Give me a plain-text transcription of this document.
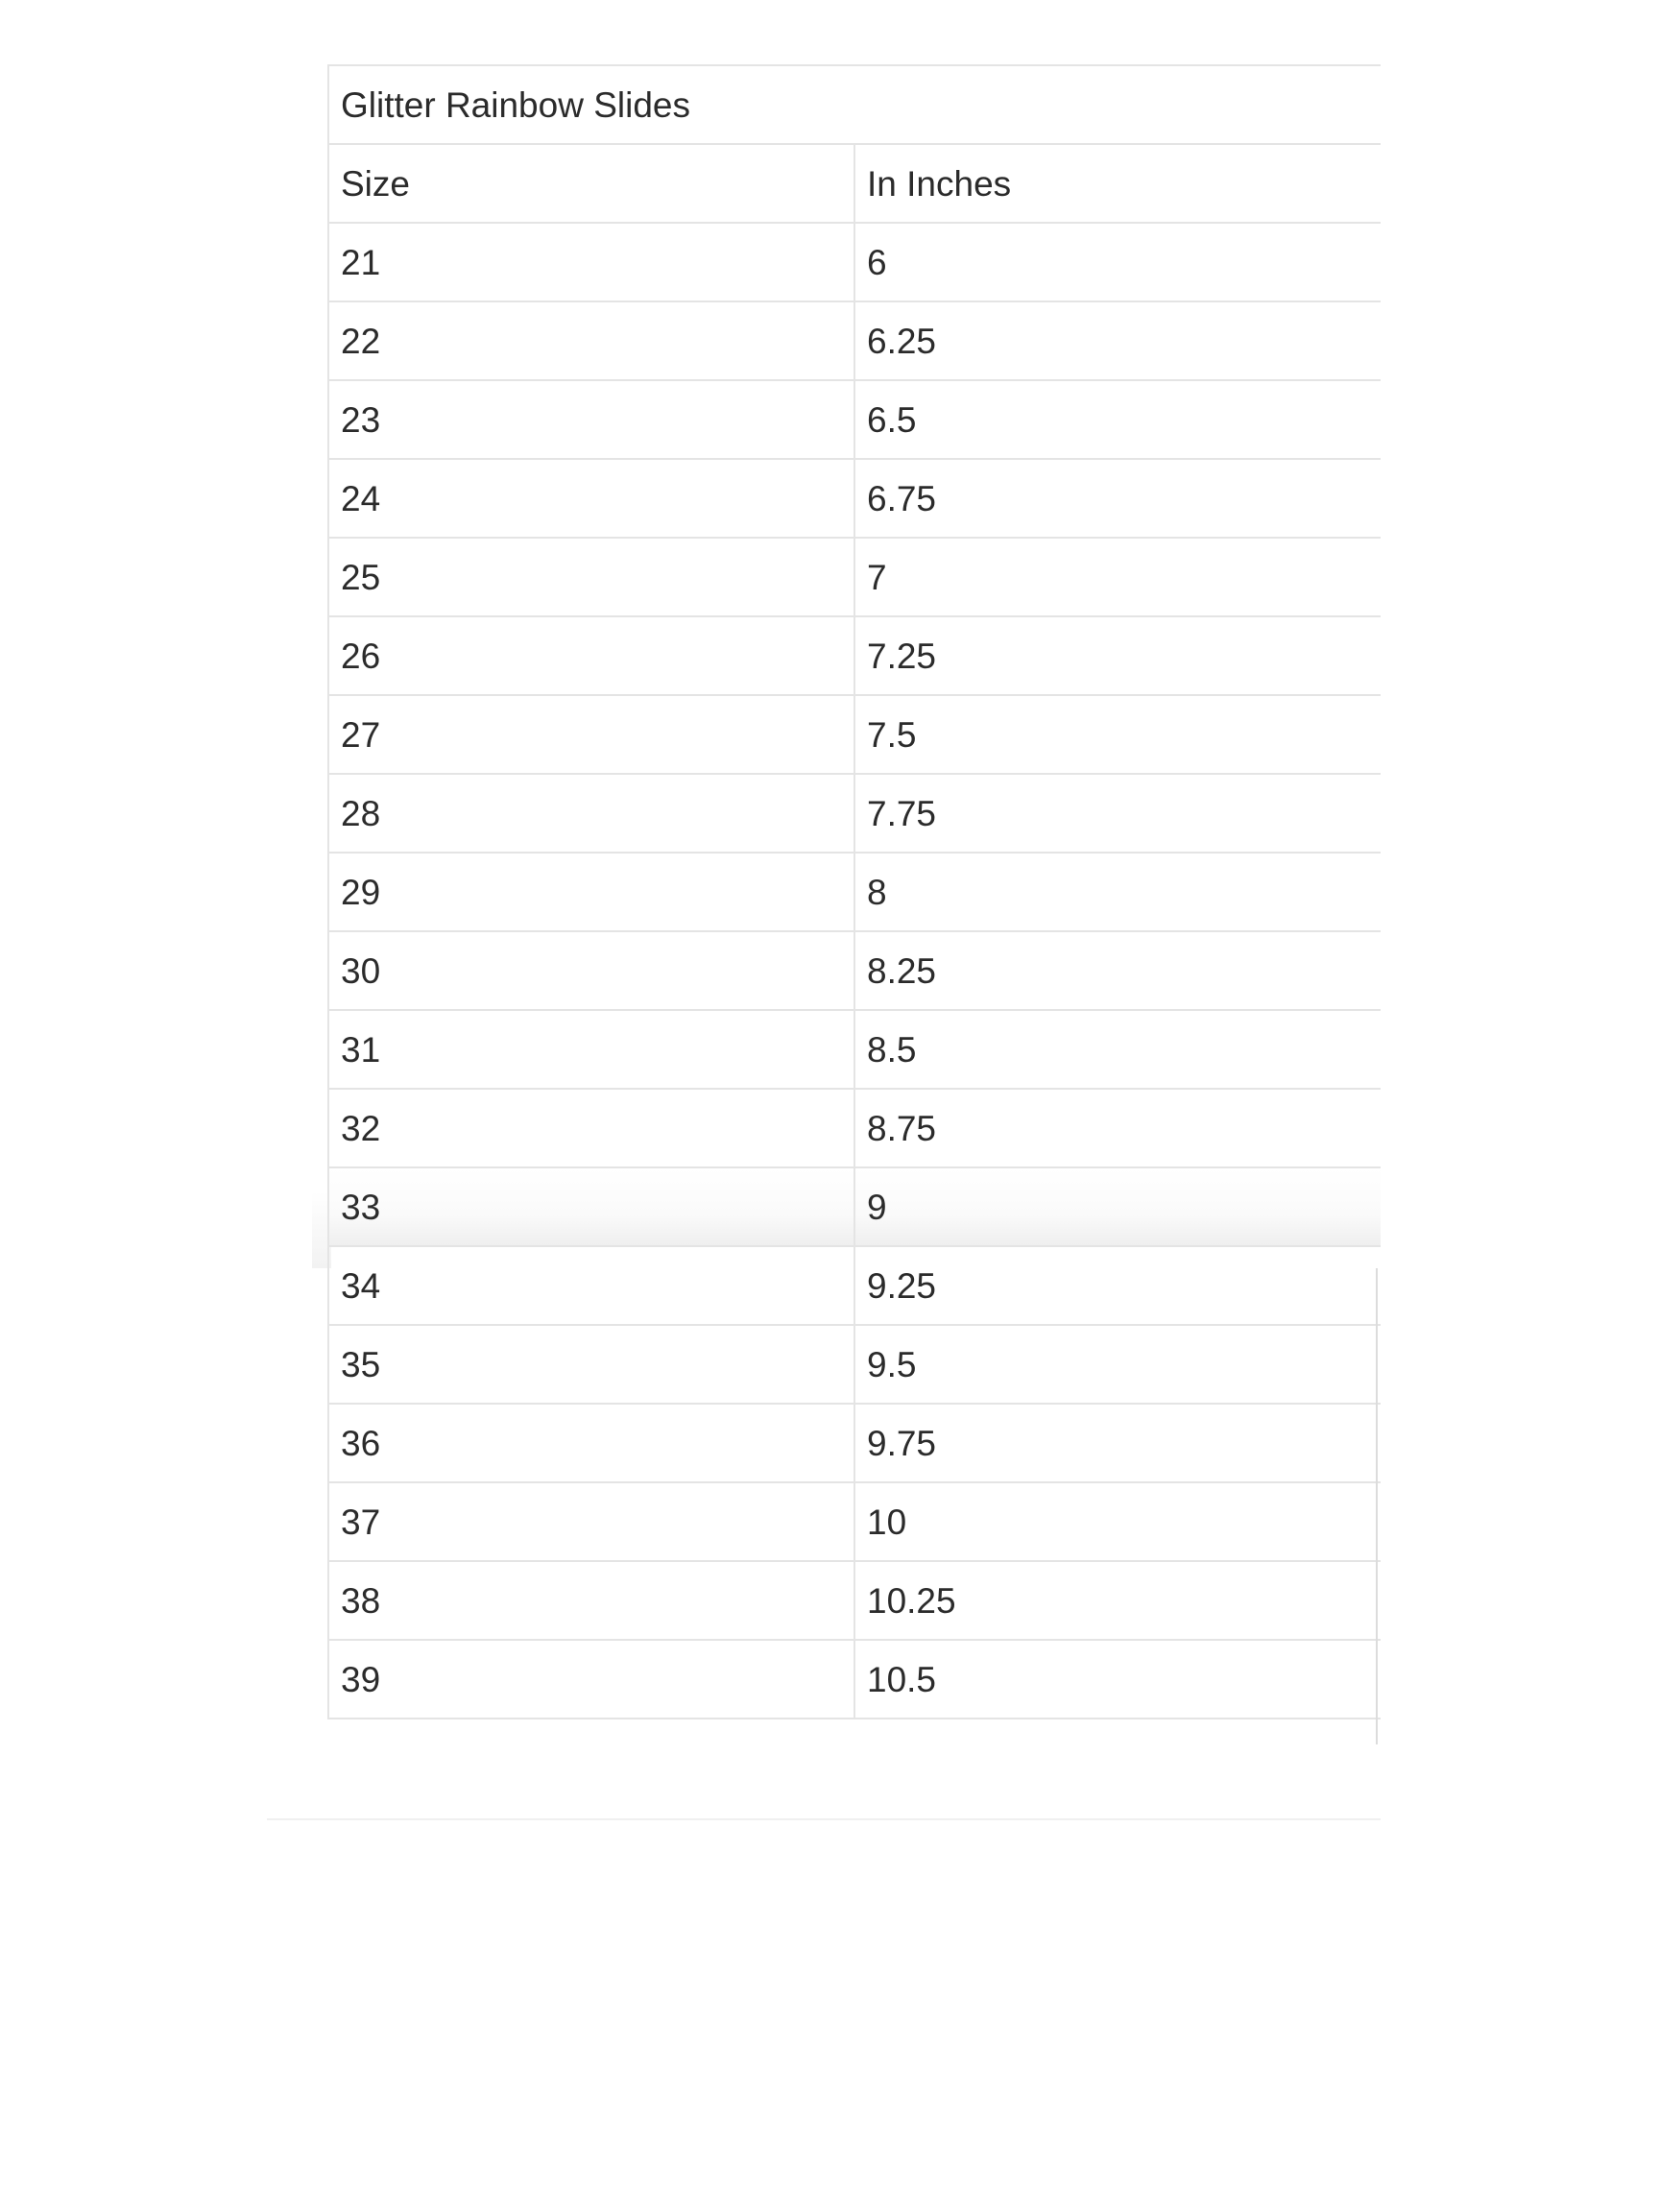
Glitter Rainbow Slides	
Size	In Inches
21	6
22	6.25
23	6.5
24	6.75
25	7
26	7.25
27	7.5
28	7.75
29	8
30	8.25
31	8.5
32	8.75
33	9
34	9.25
35	9.5
36	9.75
37	10
38	10.25
39	10.5
